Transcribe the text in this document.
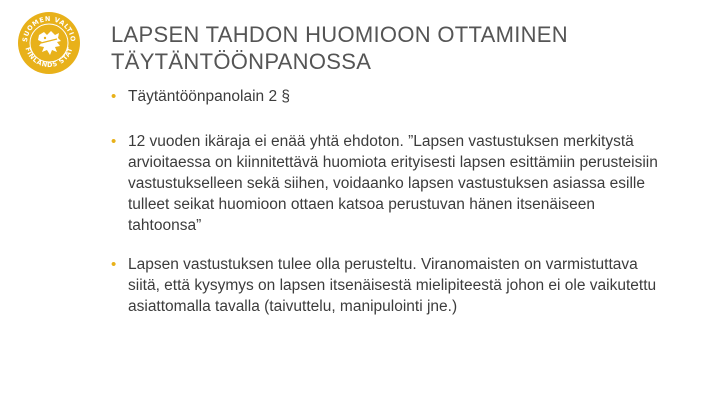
SUOMEN VALTIO
FINLANDS STAT
LAPSEN TAHDON HUOMIOON OTTAMINEN
TÄYTÄNTÖÖNPANOSSA
• Täytäntöönpanolain 2 §
• 12 vuoden ikäraja ei enää yhtä ehdoton. ”Lapsen vastustuksen merkitystä arvioitaessa on kiinnitettävä huomiota erityisesti lapsen esittämiin perusteisiin vastustukselleen sekä siihen, voidaanko lapsen vastustuksen asiassa esille tulleet seikat huomioon ottaen katsoa perustuvan hänen itsenäiseen tahtoonsa”
• Lapsen vastustuksen tulee olla perusteltu. Viranomaisten on varmistuttava siitä, että kysymys on lapsen itsenäisestä mielipiteestä johon ei ole vaikutettu asiattomalla tavalla (taivuttelu, manipulointi jne.)
